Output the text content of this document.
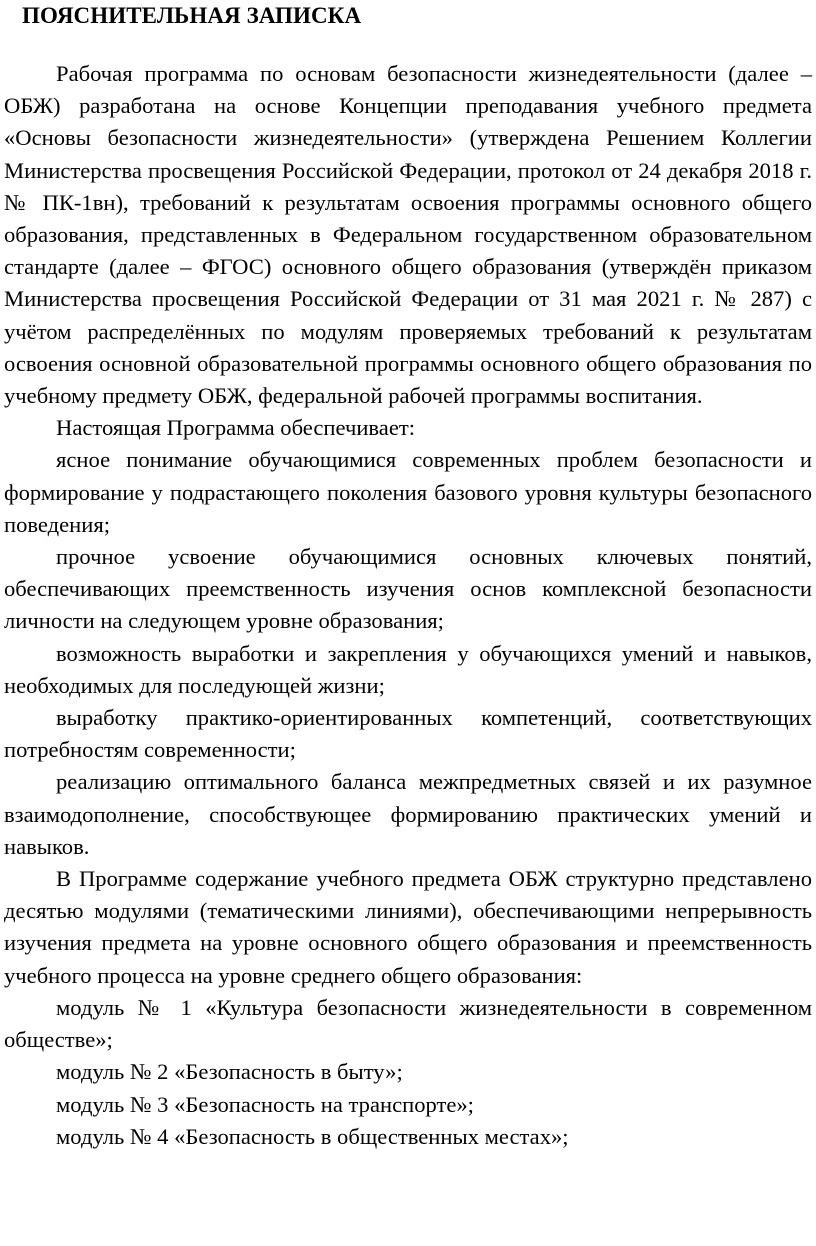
ПОЯСНИТЕЛЬНАЯ ЗАПИСКА

Рабочая программа по основам безопасности жизнедеятельности (далее – ОБЖ) разработана на основе Концепции преподавания учебного предмета «Основы безопасности жизнедеятельности» (утверждена Решением Коллегии Министерства просвещения Российской Федерации, протокол от 24 декабря 2018 г. № ПК-1вн), требований к результатам освоения программы основного общего образования, представленных в Федеральном государственном образовательном стандарте (далее – ФГОС) основного общего образования (утверждён приказом Министерства просвещения Российской Федерации от 31 мая 2021 г. № 287) с учётом распределённых по модулям проверяемых требований к результатам освоения основной образовательной программы основного общего образования по учебному предмету ОБЖ, федеральной рабочей программы воспитания.

Настоящая Программа обеспечивает:

ясное понимание обучающимися современных проблем безопасности и формирование у подрастающего поколения базового уровня культуры безопасного поведения;

прочное усвоение обучающимися основных ключевых понятий, обеспечивающих преемственность изучения основ комплексной безопасности личности на следующем уровне образования;

возможность выработки и закрепления у обучающихся умений и навыков, необходимых для последующей жизни;

выработку практико-ориентированных компетенций, соответствующих потребностям современности;

реализацию оптимального баланса межпредметных связей и их разумное взаимодополнение, способствующее формированию практических умений и навыков.

В Программе содержание учебного предмета ОБЖ структурно представлено десятью модулями (тематическими линиями), обеспечивающими непрерывность изучения предмета на уровне основного общего образования и преемственность учебного процесса на уровне среднего общего образования:

модуль № 1 «Культура безопасности жизнедеятельности в современном обществе»;

модуль № 2 «Безопасность в быту»;

модуль № 3 «Безопасность на транспорте»;

модуль № 4 «Безопасность в общественных местах»;
